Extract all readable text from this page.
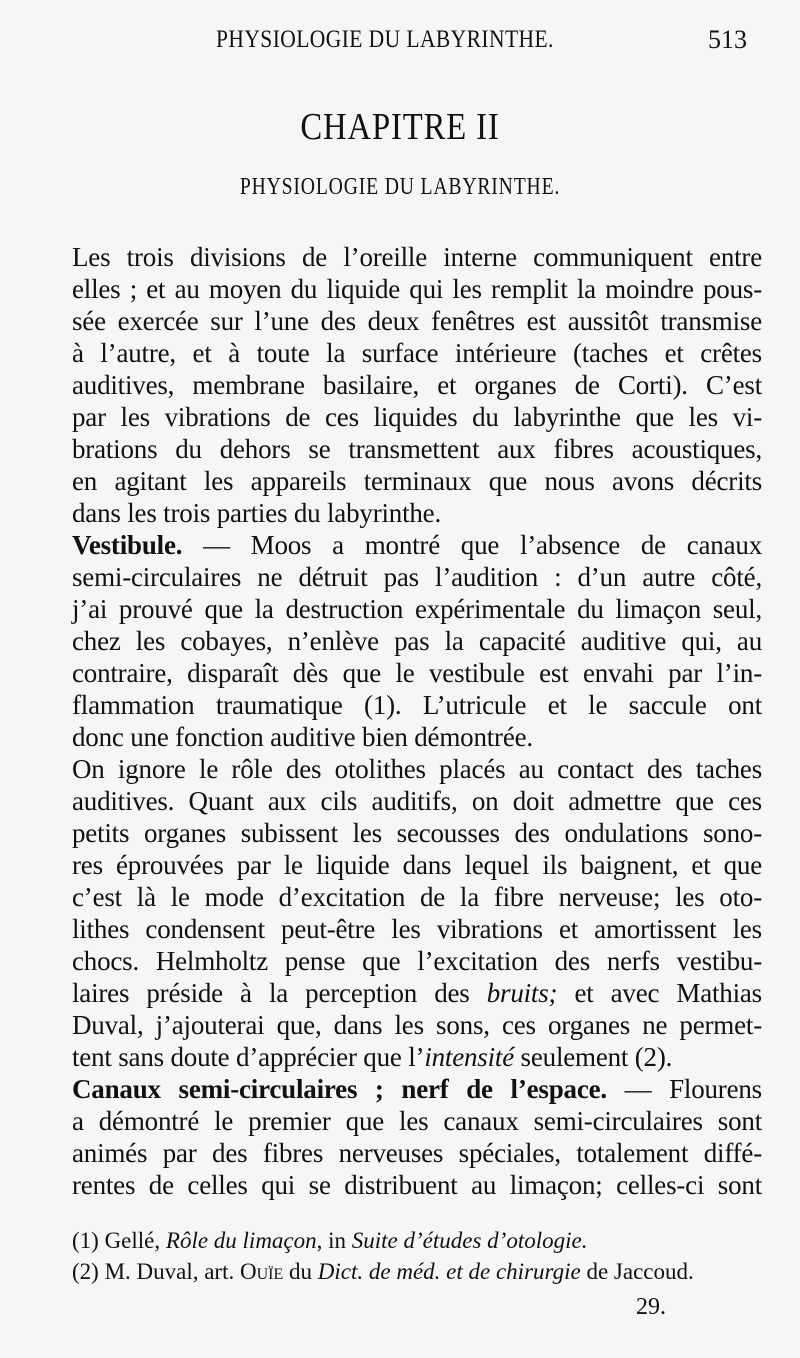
PHYSIOLOGIE DU LABYRINTHE.	513
CHAPITRE II
PHYSIOLOGIE DU LABYRINTHE.
Les trois divisions de l’oreille interne communiquent entre
elles ; et au moyen du liquide qui les remplit la moindre pous-
sée exercée sur l’une des deux fenêtres est aussitôt transmise
à l’autre, et à toute la surface intérieure (taches et crêtes
auditives, membrane basilaire, et organes de Corti). C’est
par les vibrations de ces liquides du labyrinthe que les vi-
brations du dehors se transmettent aux fibres acoustiques,
en agitant les appareils terminaux que nous avons décrits
dans les trois parties du labyrinthe.
Vestibule. — Moos a montré que l’absence de canaux
semi-circulaires ne détruit pas l’audition : d’un autre côté,
j’ai prouvé que la destruction expérimentale du limaçon seul,
chez les cobayes, n’enlève pas la capacité auditive qui, au
contraire, disparaît dès que le vestibule est envahi par l’in-
flammation traumatique (1). L’utricule et le saccule ont
donc une fonction auditive bien démontrée.
On ignore le rôle des otolithes placés au contact des taches
auditives. Quant aux cils auditifs, on doit admettre que ces
petits organes subissent les secousses des ondulations sono-
res éprouvées par le liquide dans lequel ils baignent, et que
c’est là le mode d’excitation de la fibre nerveuse; les oto-
lithes condensent peut-être les vibrations et amortissent les
chocs. Helmholtz pense que l’excitation des nerfs vestibu-
laires préside à la perception des bruits; et avec Mathias
Duval, j’ajouterai que, dans les sons, ces organes ne permet-
tent sans doute d’apprécier que l’intensité seulement (2).
Canaux semi-circulaires ; nerf de l’espace. — Flourens
a démontré le premier que les canaux semi-circulaires sont
animés par des fibres nerveuses spéciales, totalement diffé-
rentes de celles qui se distribuent au limaçon; celles-ci sont
(1) Gellé, Rôle du limaçon, in Suite d’études d’otologie.
(2) M. Duval, art. Ouïe du Dict. de méd. et de chirurgie de Jaccoud.
29.
